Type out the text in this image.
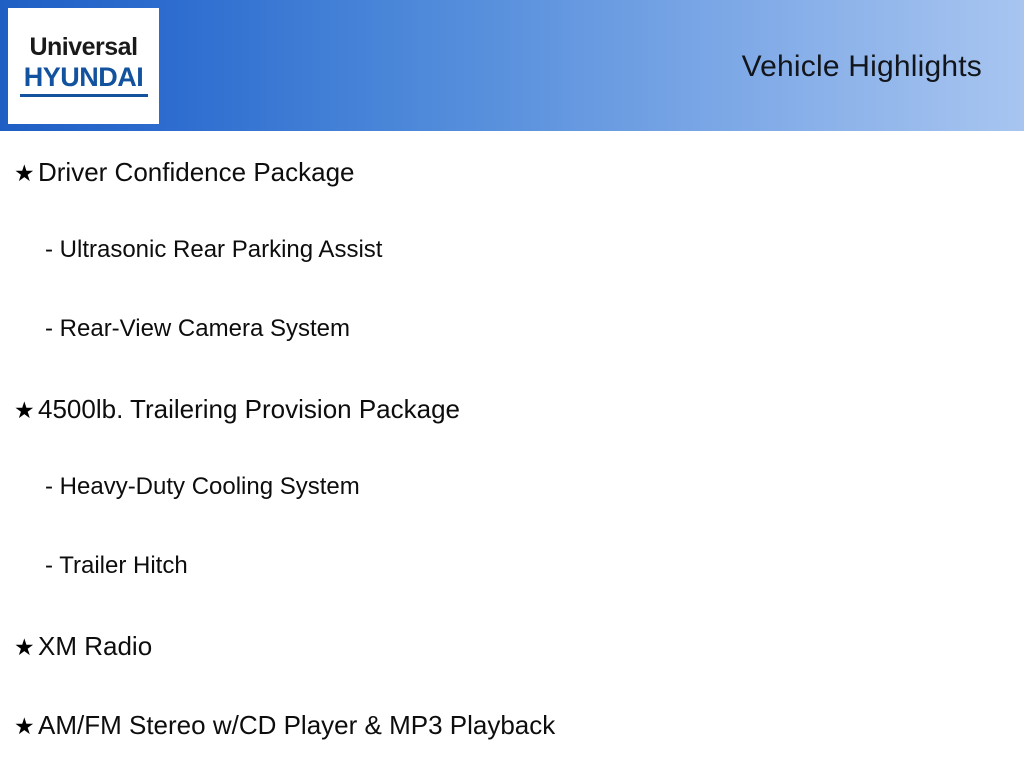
Universal
HYUNDAI	Vehicle Highlights
★ Driver Confidence Package
- Ultrasonic Rear Parking Assist
- Rear-View Camera System
★ 4500lb. Trailering Provision Package
- Heavy-Duty Cooling System
- Trailer Hitch
★ XM Radio
★ AM/FM Stereo w/CD Player & MP3 Playback
